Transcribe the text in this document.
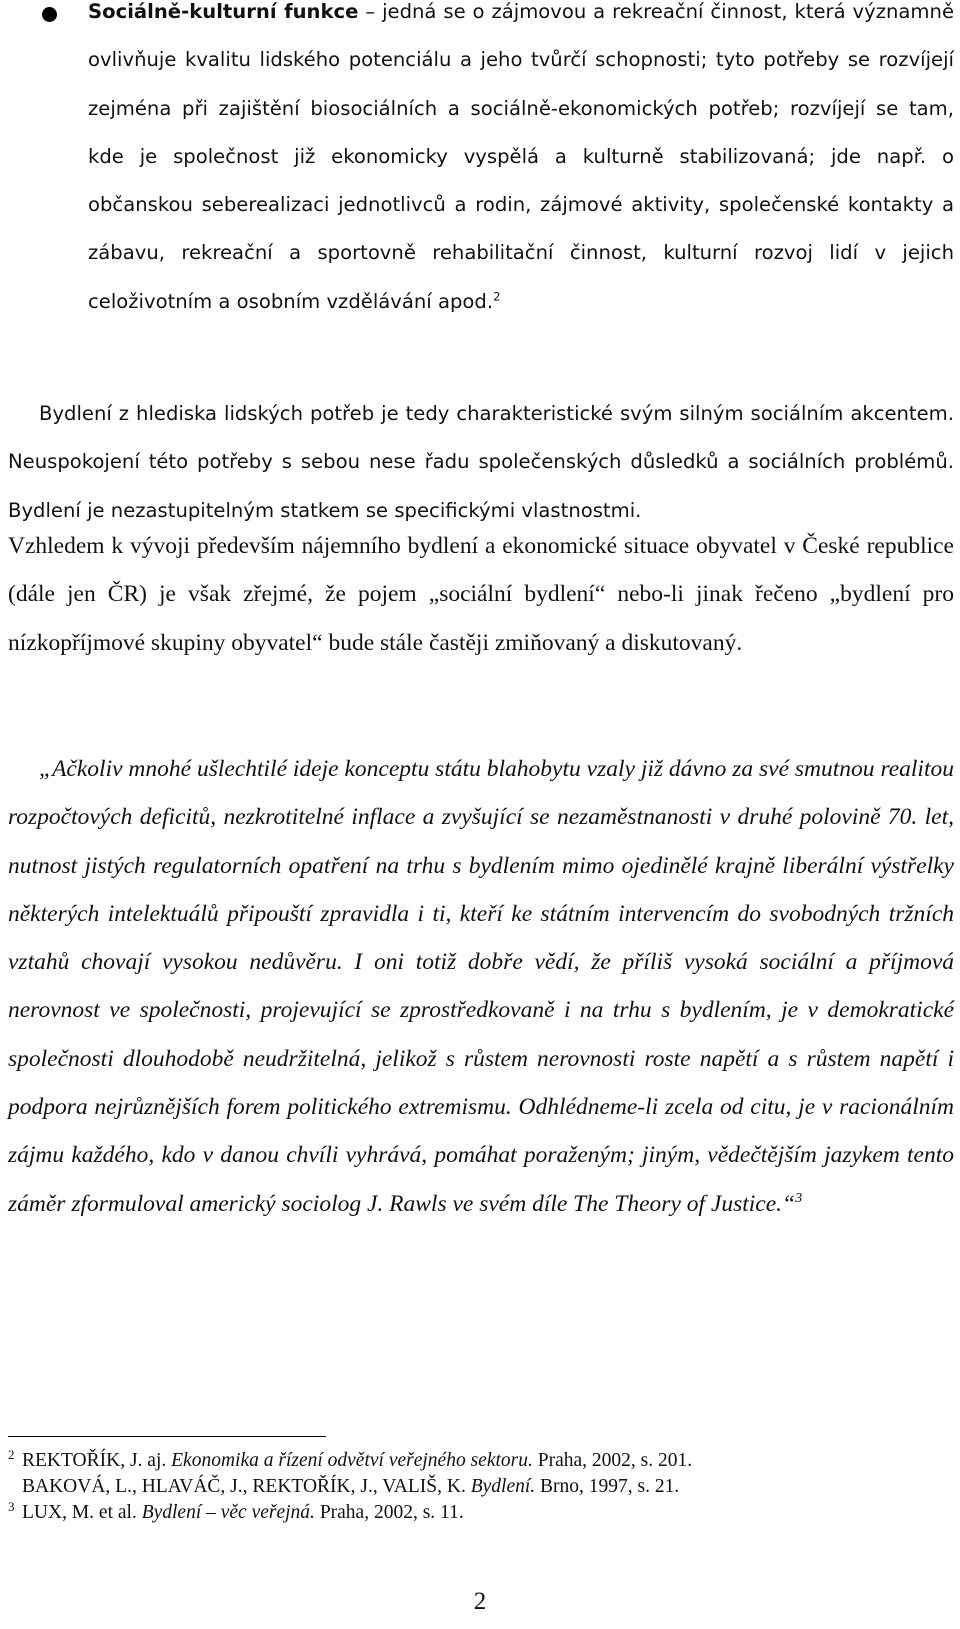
Sociálně-kulturní funkce – jedná se o zájmovou a rekreační činnost, která významně ovlivňuje kvalitu lidského potenciálu a jeho tvůrčí schopnosti; tyto potřeby se rozvíjejí zejména při zajištění biosociálních a sociálně-ekonomických potřeb; rozvíjejí se tam, kde je společnost již ekonomicky vyspělá a kulturně stabilizovaná; jde např. o občanskou seberealizaci jednotlivců a rodin, zájmové aktivity, společenské kontakty a zábavu, rekreační a sportovně rehabilitační činnost, kulturní rozvoj lidí v jejich celoživotním a osobním vzdělávání apod.$^2$

Bydlení z hlediska lidských potřeb je tedy charakteristické svým silným sociálním akcentem. Neuspokojení této potřeby s sebou nese řadu společenských důsledků a sociálních problémů. Bydlení je nezastupitelným statkem se specifickými vlastnostmi.

Vzhledem k vývoji především nájemního bydlení a ekonomické situace obyvatel v České republice (dále jen ČR) je však zřejmé, že pojem „sociální bydlení“ nebo-li jinak řečeno „bydlení pro nízkopříjmové skupiny obyvatel“ bude stále častěji zmiňovaný a diskutovaný.

„Ačkoliv mnohé ušlechtilé ideje konceptu státu blahobytu vzaly již dávno za své smutnou realitou rozpočtových deficitů, nezkrotitelné inflace a zvyšující se nezaměstnanosti v druhé polovině 70. let, nutnost jistých regulatorních opatření na trhu s bydlením mimo ojedinělé krajně liberální výstřelky některých intelektuálů připouští zpravidla i ti, kteří ke státním intervencím do svobodných tržních vztahů chovají vysokou nedůvěru. I oni totiž dobře vědí, že příliš vysoká sociální a příjmová nerovnost ve společnosti, projevující se zprostředkovaně i na trhu s bydlením, je v demokratické společnosti dlouhodobě neudržitelná, jelikož s růstem nerovnosti roste napětí a s růstem napětí i podpora nejrůznějších forem politického extremismu. Odhlédneme-li zcela od citu, je v racionálním zájmu každého, kdo v danou chvíli vyhrává, pomáhat poraženým; jiným, vědečtějším jazykem tento záměr zformuloval americký sociolog J. Rawls ve svém díle The Theory of Justice.“$^3$

2 REKTOŘÍK, J. aj. Ekonomika a řízení odvětví veřejného sektoru. Praha, 2002, s. 201.

BAKOVÁ, L., HLAVÁČ, J., REKTOŘÍK, J., VALIŠ, K. Bydlení. Brno, 1997, s. 21.

3 LUX, M. et al. Bydlení – věc veřejná. Praha, 2002, s. 11.

2
